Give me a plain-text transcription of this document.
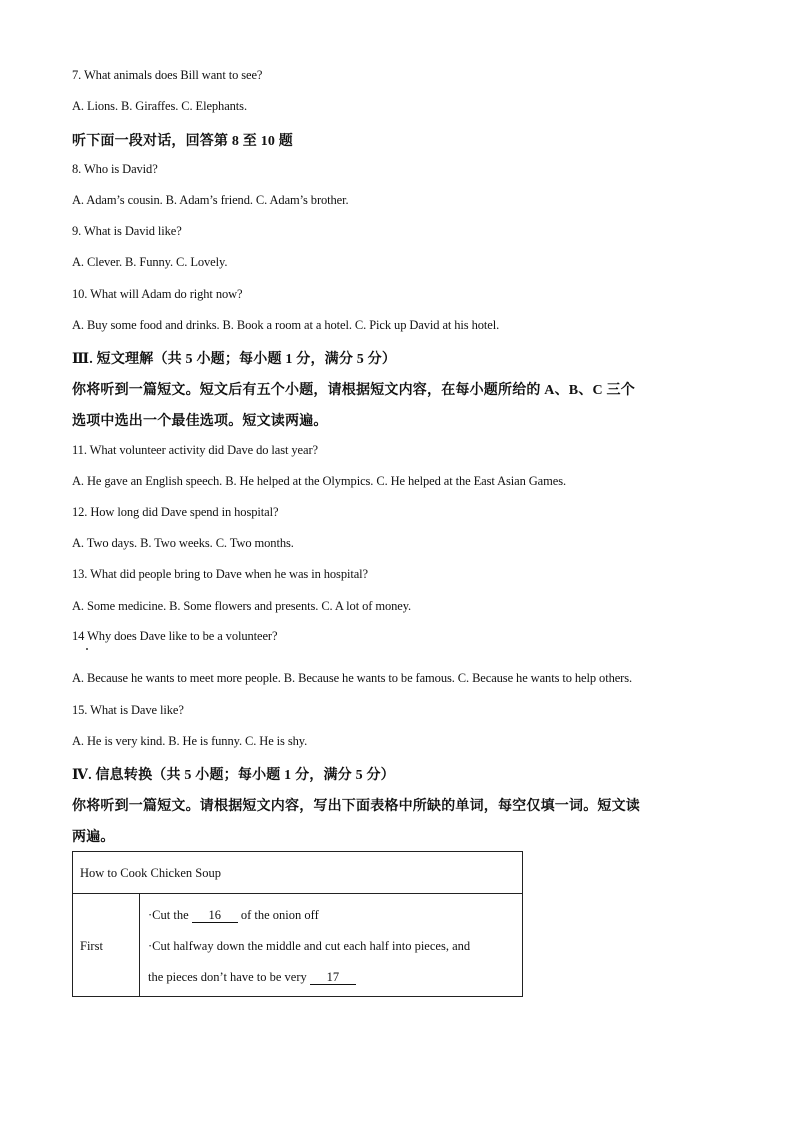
7. What animals does Bill want to see?
A. Lions. B. Giraffes. C. Elephants.
听下面一段对话，回答第 8 至 10 题
8. Who is David?
A. Adam’s cousin. B. Adam’s friend. C. Adam’s brother.
9. What is David like?
A. Clever. B. Funny. C. Lovely.
10. What will Adam do right now?
A. Buy some food and drinks. B. Book a room at a hotel. C. Pick up David at his hotel.
Ⅲ. 短文理解（共 5 小题；每小题 1 分，满分 5 分）
你将听到一篇短文。短文后有五个小题，请根据短文内容，在每小题所给的 A、B、C 三个
选项中选出一个最佳选项。短文读两遍。
11. What volunteer activity did Dave do last year?
A. He gave an English speech. B. He helped at the Olympics. C. He helped at the East Asian Games.
12. How long did Dave spend in hospital?
A. Two days. B. Two weeks. C. Two months.
13. What did people bring to Dave when he was in hospital?
A. Some medicine. B. Some flowers and presents. C. A lot of money.
14 Why does Dave like to be a volunteer?
A. Because he wants to meet more people. B. Because he wants to be famous. C. Because he wants to help others.
15. What is Dave like?
A. He is very kind. B. He is funny. C. He is shy.
Ⅳ. 信息转换（共 5 小题；每小题 1 分，满分 5 分）
你将听到一篇短文。请根据短文内容，写出下面表格中所缺的单词，每空仅填一词。短文读
两遍。
How to Cook Chicken Soup
First
·Cut the 16 of the onion off
·Cut halfway down the middle and cut each half into pieces, and
the pieces don’t have to be very 17
